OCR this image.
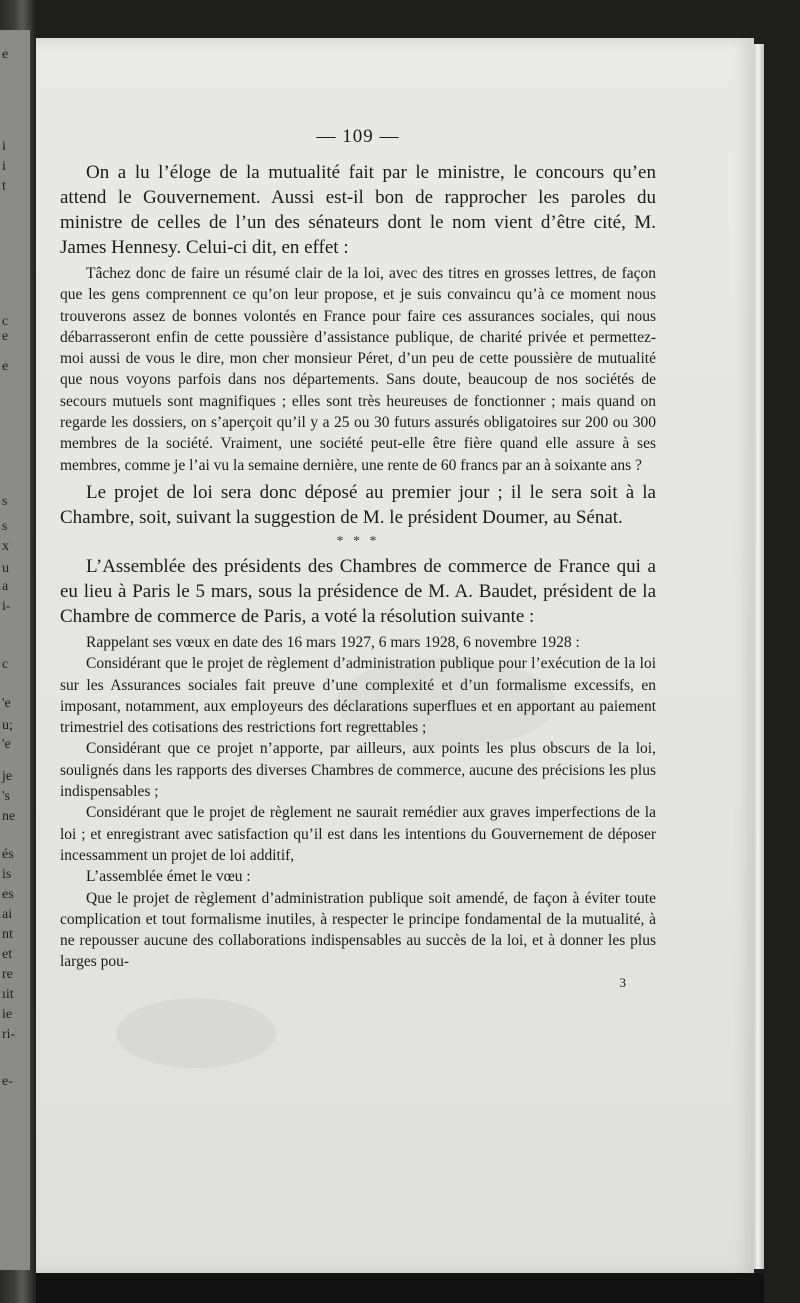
e
i
i
t
c
e
e
s
s
x
u
a
i-
c
'e
u;
'e
je
's
ne
és
is
es
ai
nt
et
re
ıit
ie
ri-
e-
— 109 —

On a lu l’éloge de la mutualité fait par le ministre, le concours qu’en attend le Gouvernement. Aussi est-il bon de rapprocher les paroles du ministre de celles de l’un des sénateurs dont le nom vient d’être cité, M. James Hennesy. Celui-ci dit, en effet :

Tâchez donc de faire un résumé clair de la loi, avec des titres en grosses lettres, de façon que les gens comprennent ce qu’on leur propose, et je suis convaincu qu’à ce moment nous trouverons assez de bonnes volontés en France pour faire ces assurances sociales, qui nous débarrasseront enfin de cette poussière d’assistance publique, de charité privée et permettez-moi aussi de vous le dire, mon cher monsieur Péret, d’un peu de cette poussière de mutualité que nous voyons parfois dans nos départements. Sans doute, beaucoup de nos sociétés de secours mutuels sont magnifiques ; elles sont très heureuses de fonctionner ; mais quand on regarde les dossiers, on s’aperçoit qu’il y a 25 ou 30 futurs assurés obligatoires sur 200 ou 300 membres de la société. Vraiment, une société peut-elle être fière quand elle assure à ses membres, comme je l’ai vu la semaine dernière, une rente de 60 francs par an à soixante ans ?

Le projet de loi sera donc déposé au premier jour ; il le sera soit à la Chambre, soit, suivant la suggestion de M. le président Doumer, au Sénat.

* * *

L’Assemblée des présidents des Chambres de commerce de France qui a eu lieu à Paris le 5 mars, sous la présidence de M. A. Baudet, président de la Chambre de commerce de Paris, a voté la résolution suivante :

Rappelant ses vœux en date des 16 mars 1927, 6 mars 1928, 6 novembre 1928 :

Considérant que le projet de règlement d’administration publique pour l’exécution de la loi sur les Assurances sociales fait preuve d’une complexité et d’un formalisme excessifs, en imposant, notamment, aux employeurs des déclarations superflues et en apportant au paiement trimestriel des cotisations des restrictions fort regrettables ;

Considérant que ce projet n’apporte, par ailleurs, aux points les plus obscurs de la loi, soulignés dans les rapports des diverses Chambres de commerce, aucune des précisions les plus indispensables ;

Considérant que le projet de règlement ne saurait remédier aux graves imperfections de la loi ; et enregistrant avec satisfaction qu’il est dans les intentions du Gouvernement de déposer incessamment un projet de loi additif,

L’assemblée émet le vœu :

Que le projet de règlement d’administration publique soit amendé, de façon à éviter toute complication et tout formalisme inutiles, à respecter le principe fondamental de la mutualité, à ne repousser aucune des collaborations indispensables au succès de la loi, et à donner les plus larges pou-

3
